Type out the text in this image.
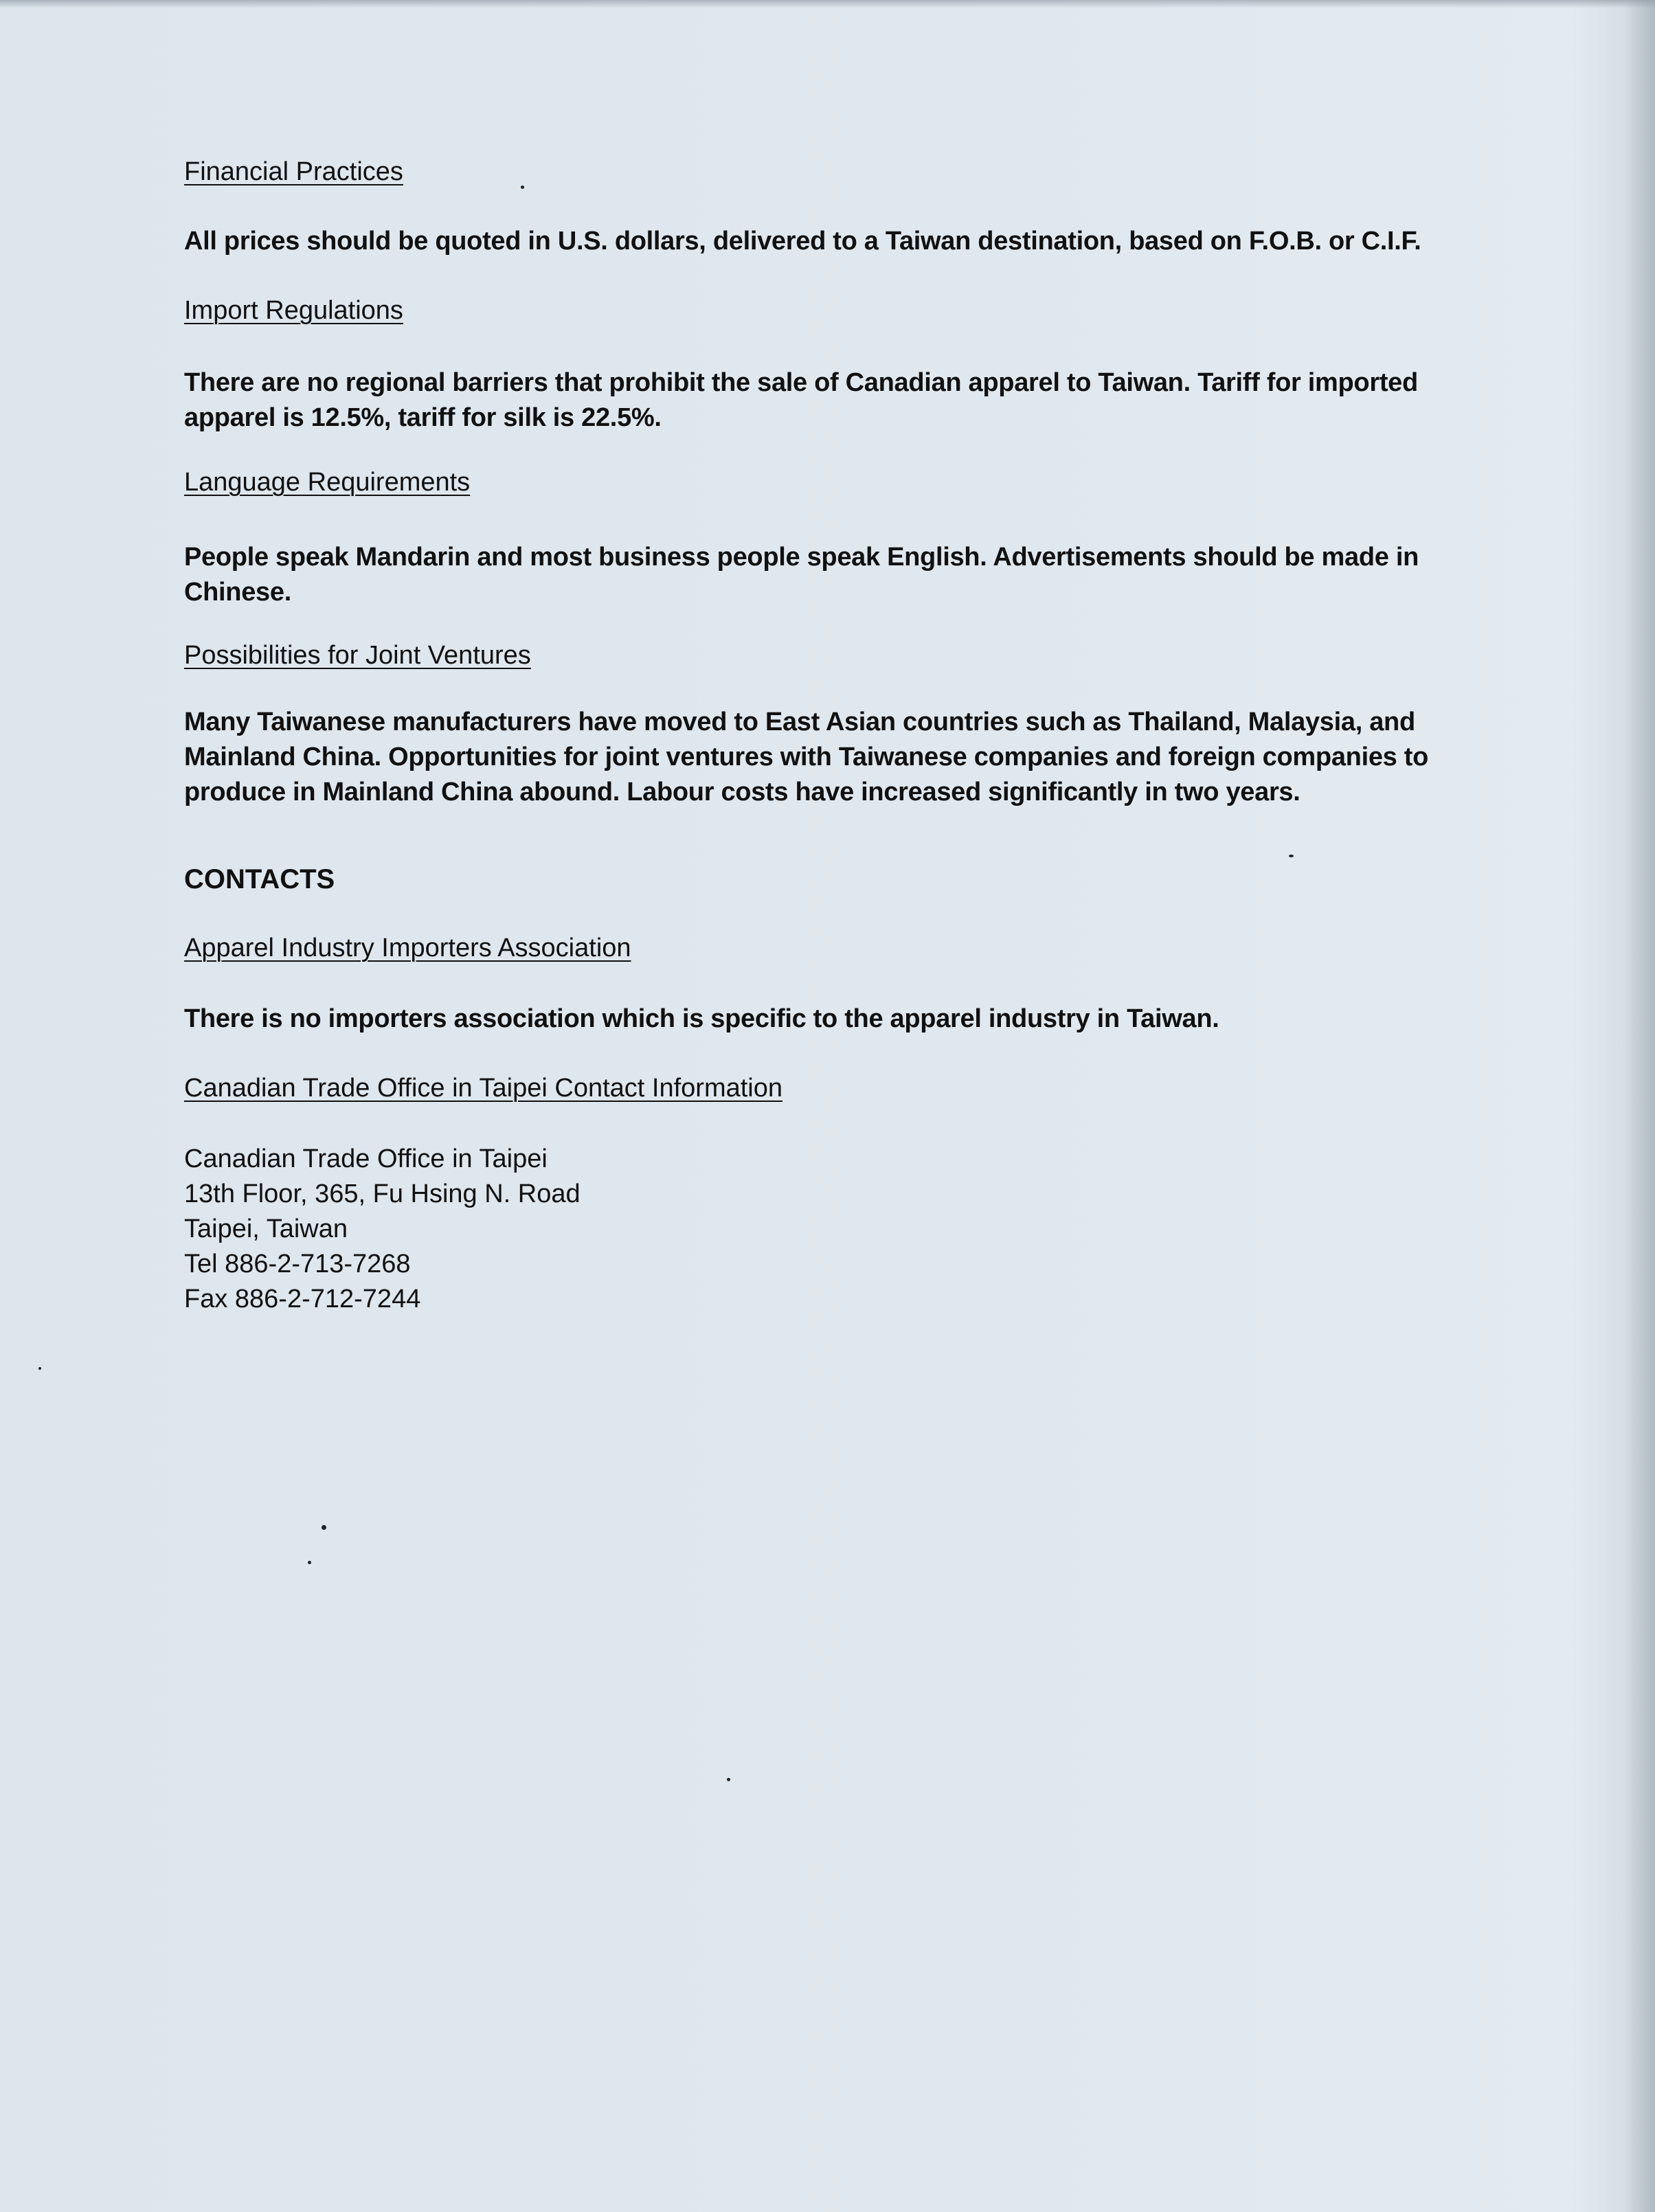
Financial Practices

All prices should be quoted in U.S. dollars, delivered to a Taiwan destination, based on F.O.B. or C.I.F.

Import Regulations

There are no regional barriers that prohibit the sale of Canadian apparel to Taiwan. Tariff for imported

apparel is 12.5%, tariff for silk is 22.5%.

Language Requirements

People speak Mandarin and most business people speak English. Advertisements should be made in

Chinese.

Possibilities for Joint Ventures

Many Taiwanese manufacturers have moved to East Asian countries such as Thailand, Malaysia, and

Mainland China. Opportunities for joint ventures with Taiwanese companies and foreign companies to

produce in Mainland China abound. Labour costs have increased significantly in two years.

CONTACTS

Apparel Industry Importers Association

There is no importers association which is specific to the apparel industry in Taiwan.

Canadian Trade Office in Taipei Contact Information

Canadian Trade Office in Taipei

13th Floor, 365, Fu Hsing N. Road

Taipei, Taiwan

Tel 886-2-713-7268

Fax 886-2-712-7244
